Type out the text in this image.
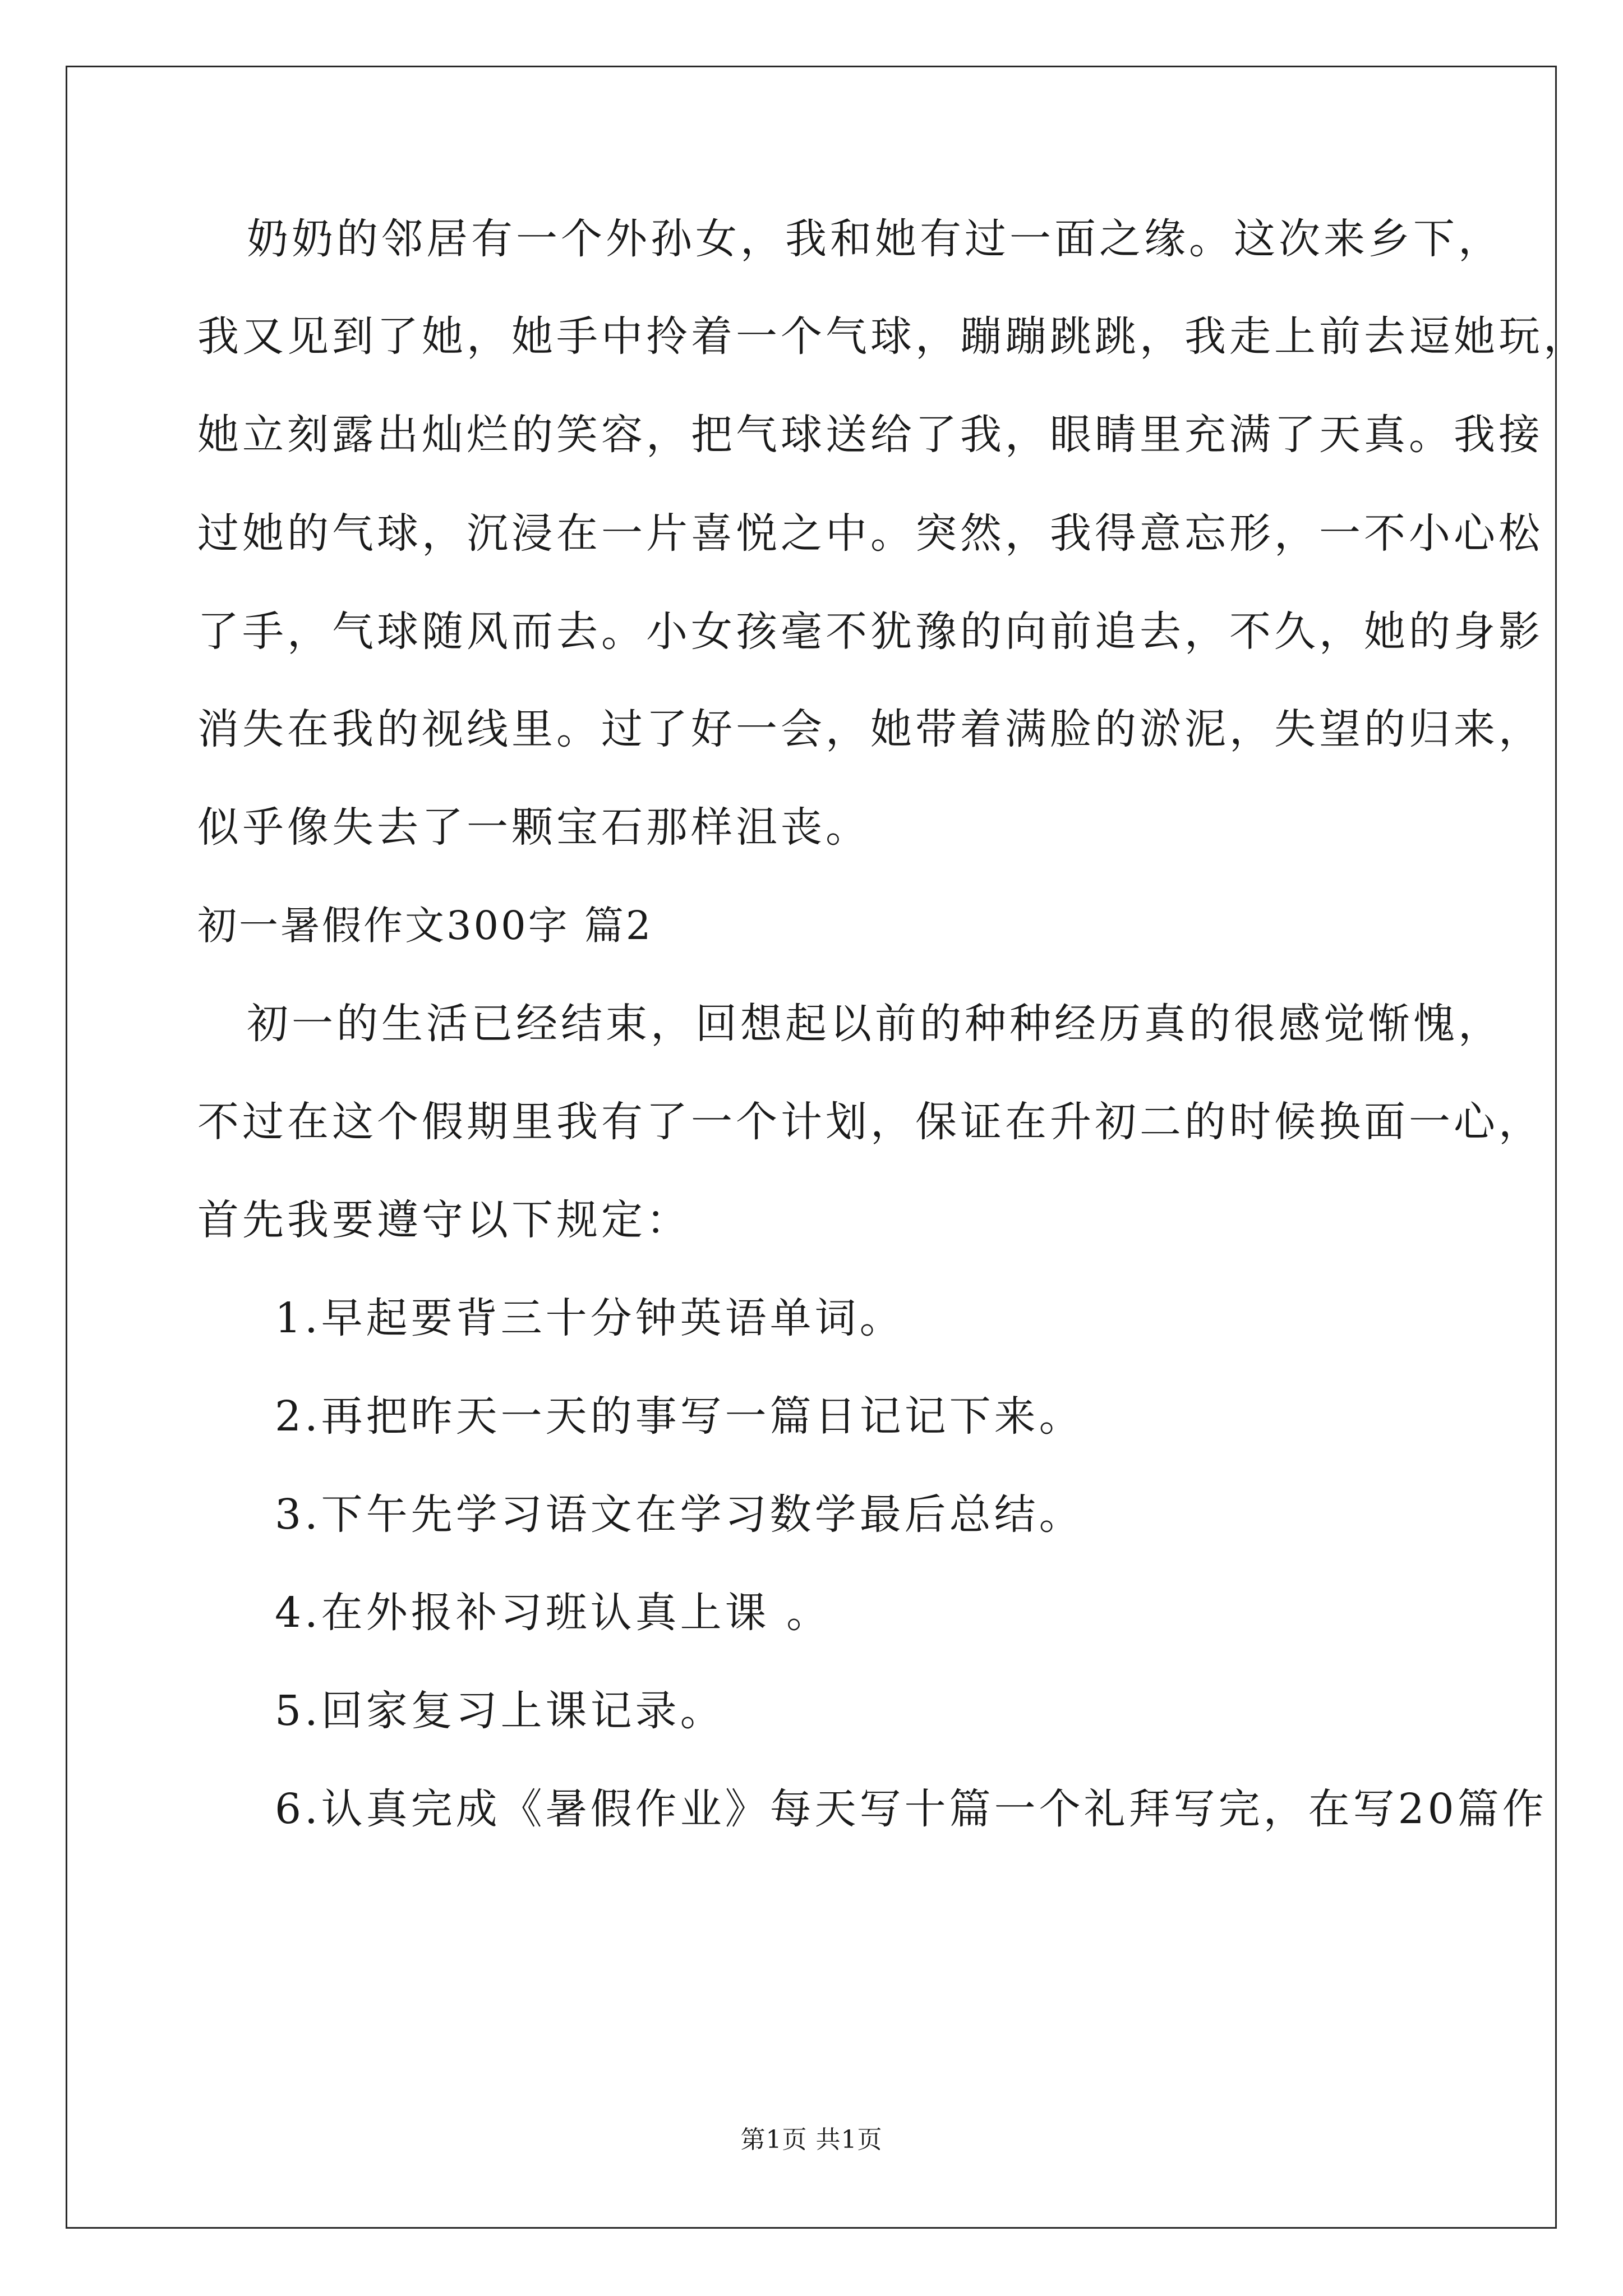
奶奶的邻居有一个外孙女，我和她有过一面之缘。这次来乡下，
我又见到了她，她手中拎着一个气球，蹦蹦跳跳，我走上前去逗她玩，
她立刻露出灿烂的笑容，把气球送给了我，眼睛里充满了天真。我接
过她的气球，沉浸在一片喜悦之中。突然，我得意忘形，一不小心松
了手，气球随风而去。小女孩毫不犹豫的向前追去，不久，她的身影
消失在我的视线里。过了好一会，她带着满脸的淤泥，失望的归来，
似乎像失去了一颗宝石那样沮丧。
初一暑假作文300字 篇2
初一的生活已经结束，回想起以前的种种经历真的很感觉惭愧，
不过在这个假期里我有了一个计划，保证在升初二的时候换面一心，
首先我要遵守以下规定：
1.早起要背三十分钟英语单词。
2.再把昨天一天的事写一篇日记记下来。
3.下午先学习语文在学习数学最后总结。
4.在外报补习班认真上课 。
5.回家复习上课记录。
6.认真完成《暑假作业》每天写十篇一个礼拜写完，在写20篇作
第1页 共1页
